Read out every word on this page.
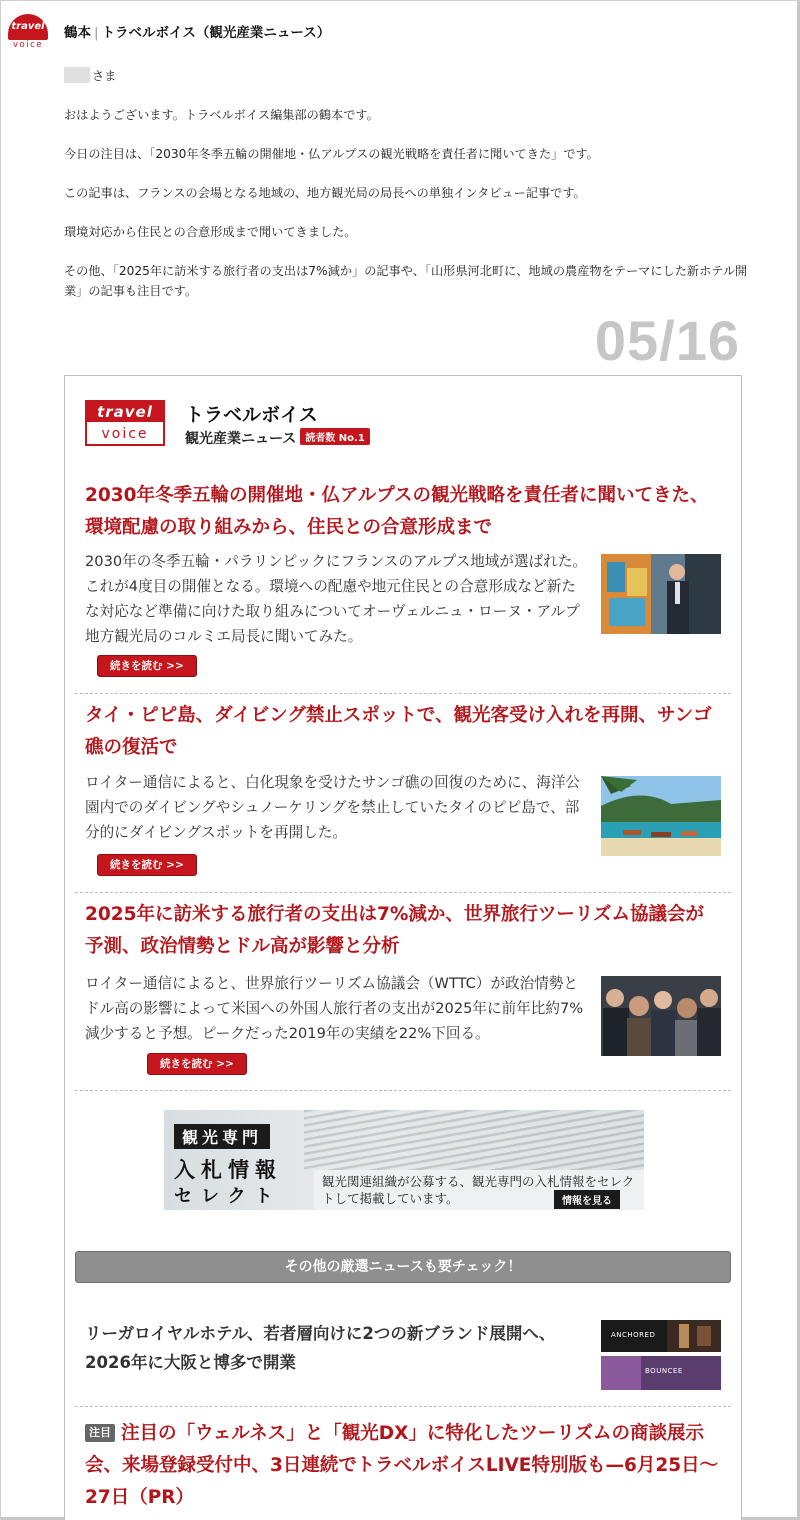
travel
voice
鶴本 | トラベルボイス（観光産業ニュース）

さま

おはようございます。トラベルボイス編集部の鶴本です。

今日の注目は、「2030年冬季五輪の開催地・仏アルプスの観光戦略を責任者に聞いてきた」です。

この記事は、フランスの会場となる地域の、地方観光局の局長への単独インタビュー記事です。

環境対応から住民との合意形成まで聞いてきました。

その他、「2025年に訪米する旅行者の支出は7%減か」の記事や、「山形県河北町に、地域の農産物をテーマにした新ホテル開業」の記事も注目です。

05/16
travel
voice
トラベルボイス
観光産業ニュース 読者数 No.1
2030年冬季五輪の開催地・仏アルプスの観光戦略を責任者に聞いてきた、環境配慮の取り組みから、住民との合意形成まで
2030年の冬季五輪・パラリンピックにフランスのアルプス地域が選ばれた。これが4度目の開催となる。環境への配慮や地元住民との合意形成など新たな対応など準備に向けた取り組みについてオーヴェルニュ・ローヌ・アルプ地方観光局のコルミエ局長に聞いてみた。
続きを読む >>
タイ・ピピ島、ダイビング禁止スポットで、観光客受け入れを再開、サンゴ礁の復活で
ロイター通信によると、白化現象を受けたサンゴ礁の回復のために、海洋公園内でのダイビングやシュノーケリングを禁止していたタイのピピ島で、部分的にダイビングスポットを再開した。
続きを読む >>
2025年に訪米する旅行者の支出は7%減か、世界旅行ツーリズム協議会が予測、政治情勢とドル高が影響と分析
ロイター通信によると、世界旅行ツーリズム協議会（WTTC）が政治情勢とドル高の影響によって米国への外国人旅行者の支出が2025年に前年比約7%減少すると予想。ピークだった2019年の実績を22%下回る。
続きを読む >>
観光専門
入札情報
セレクト
観光関連組織が公募する、観光専門の入札情報をセレクトして掲載しています。	情報を見る
その他の厳選ニュースも要チェック！
リーガロイヤルホテル、若者層向けに2つの新ブランド展開へ、2026年に大阪と博多で開業
ANCHORED
BOUNCEE
注目 注目の「ウェルネス」と「観光DX」に特化したツーリズムの商談展示会、来場登録受付中、3日連続でトラベルボイスLIVE特別版も—6月25日〜27日（PR）
